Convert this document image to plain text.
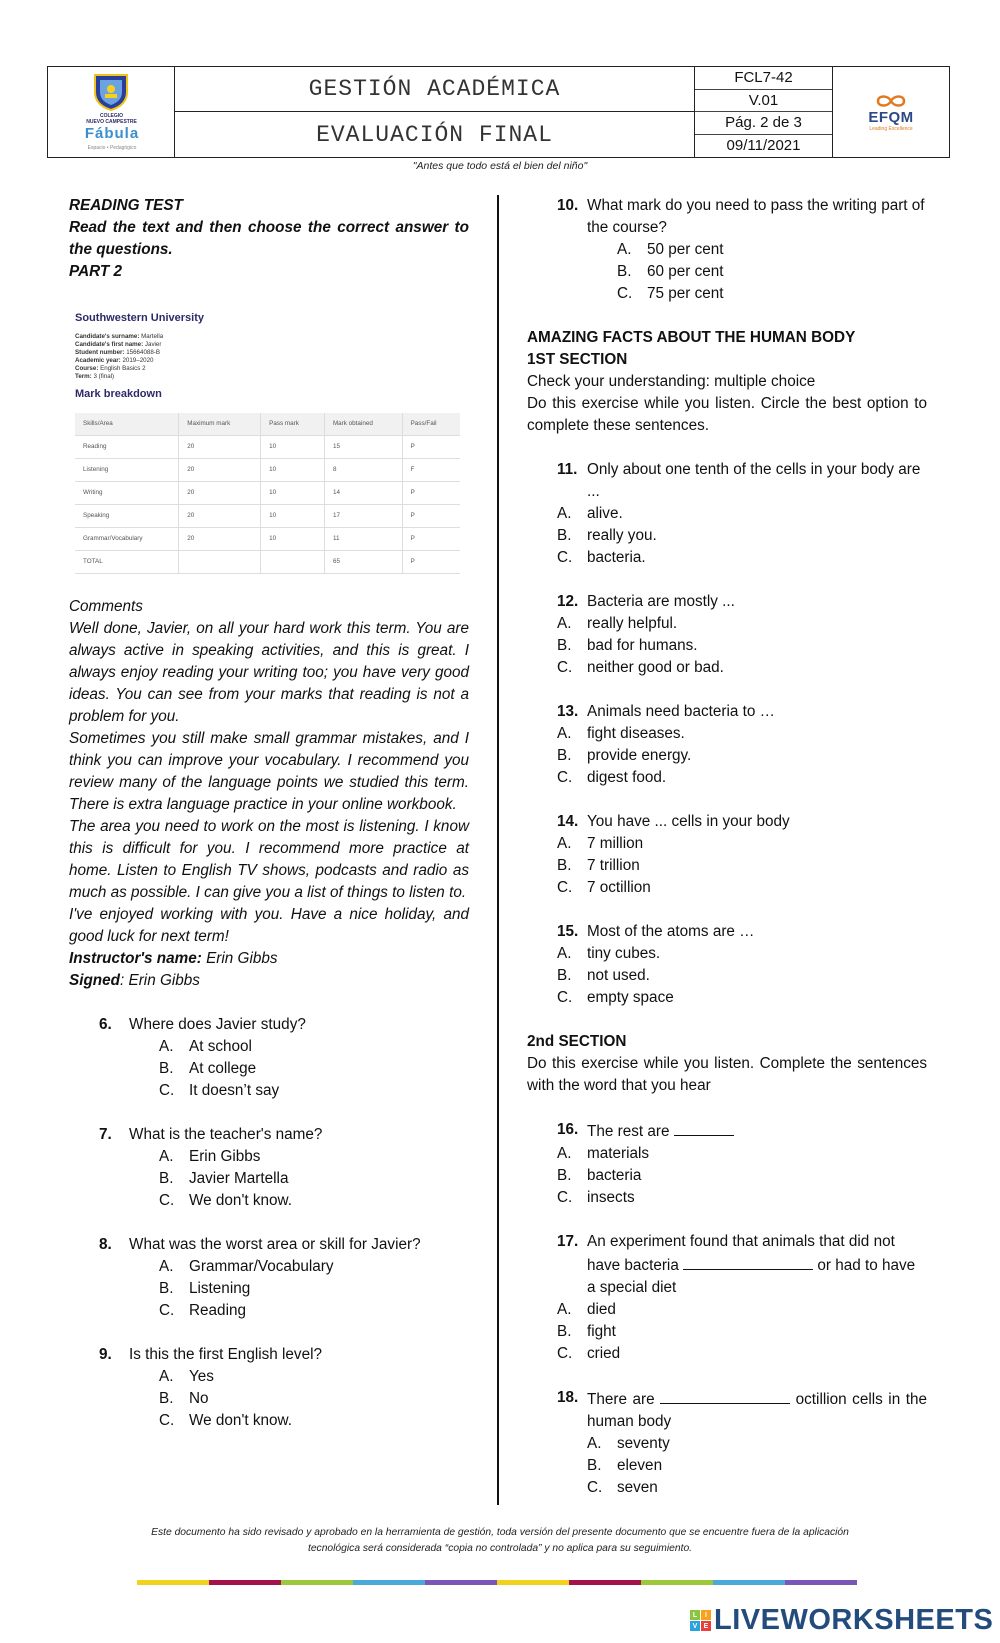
COLEGIO
NUEVO CAMPESTRE
Fábula
Espacio • Pedagógico
GESTIÓN ACADÉMICA
EVALUACIÓN FINAL
FCL7-42
V.01
Pág. 2 de 3
09/11/2021
EFQM
Leading Excellence
"Antes que todo está el bien del niño"
READING TEST
Read the text and then choose the correct answer to the questions.
PART 2
Southwestern University
Candidate's surname: Martella
Candidate's first name: Javier
Student number: 15664088-B
Academic year: 2019–2020
Course: English Basics 2
Term: 3 (final)
Mark breakdown
Skills/Area	Maximum mark	Pass mark	Mark obtained	Pass/Fail
Reading	20	10	15	P
Listening	20	10	8	F
Writing	20	10	14	P
Speaking	20	10	17	P
Grammar/Vocabulary	20	10	11	P
TOTAL			65	P
Comments
Well done, Javier, on all your hard work this term. You are always active in speaking activities, and this is great. I always enjoy reading your writing too; you have very good ideas. You can see from your marks that reading is not a problem for you.
Sometimes you still make small grammar mistakes, and I think you can improve your vocabulary. I recommend you review many of the language points we studied this term. There is extra language practice in your online workbook.
The area you need to work on the most is listening. I know this is difficult for you. I recommend more practice at home. Listen to English TV shows, podcasts and radio as much as possible. I can give you a list of things to listen to.
I've enjoyed working with you. Have a nice holiday, and good luck for next term!
Instructor's name: Erin Gibbs
Signed: Erin Gibbs
6.	Where does Javier study?
A.	At school
B.	At college
C. It doesn’t say
7.	What is the teacher's name?
A.	Erin Gibbs
B.	Javier Martella
C. We don't know.
8.	What was the worst area or skill for Javier?
A.	Grammar/Vocabulary
B.	Listening
C. Reading
9.	Is this the first English level?
A.	Yes
B.	No
C. We don't know.
10. What mark do you need to pass the writing part of the course?
A.	50 per cent
B.	60 per cent
C. 75 per cent
AMAZING FACTS ABOUT THE HUMAN BODY
1ST SECTION
Check your understanding: multiple choice
Do this exercise while you listen. Circle the best option to complete these sentences.
11. Only about one tenth of the cells in your body are ...
A.	alive.
B.	really you.
C. bacteria.
12. Bacteria are mostly ...
A.	really helpful.
B.	bad for humans.
C. neither good or bad.
13. Animals need bacteria to …
A.	fight diseases.
B.	provide energy.
C. digest food.
14. You have ... cells in your body
A.	7 million
B.	7 trillion
C. 7 octillion
15. Most of the atoms are …
A.	tiny cubes.
B.	not used.
C. empty space
2nd SECTION
Do this exercise while you listen. Complete the sentences with the word that you hear
16. The rest are
A.	materials
B.	bacteria
C. insects
17. An experiment found that animals that did not have bacteria	or had to have a special diet
A.	died
B.	fight
C. cried
18. There are	octillion cells in the human body
A.	seventy
B.	eleven
C. seven
Este documento ha sido revisado y aprobado en la herramienta de gestión, toda versión del presente documento que se encuentre fuera de la aplicación
tecnológica será considerada “copia no controlada” y no aplica para su seguimiento.
L	I
V E LIVEWORKSHEETS
